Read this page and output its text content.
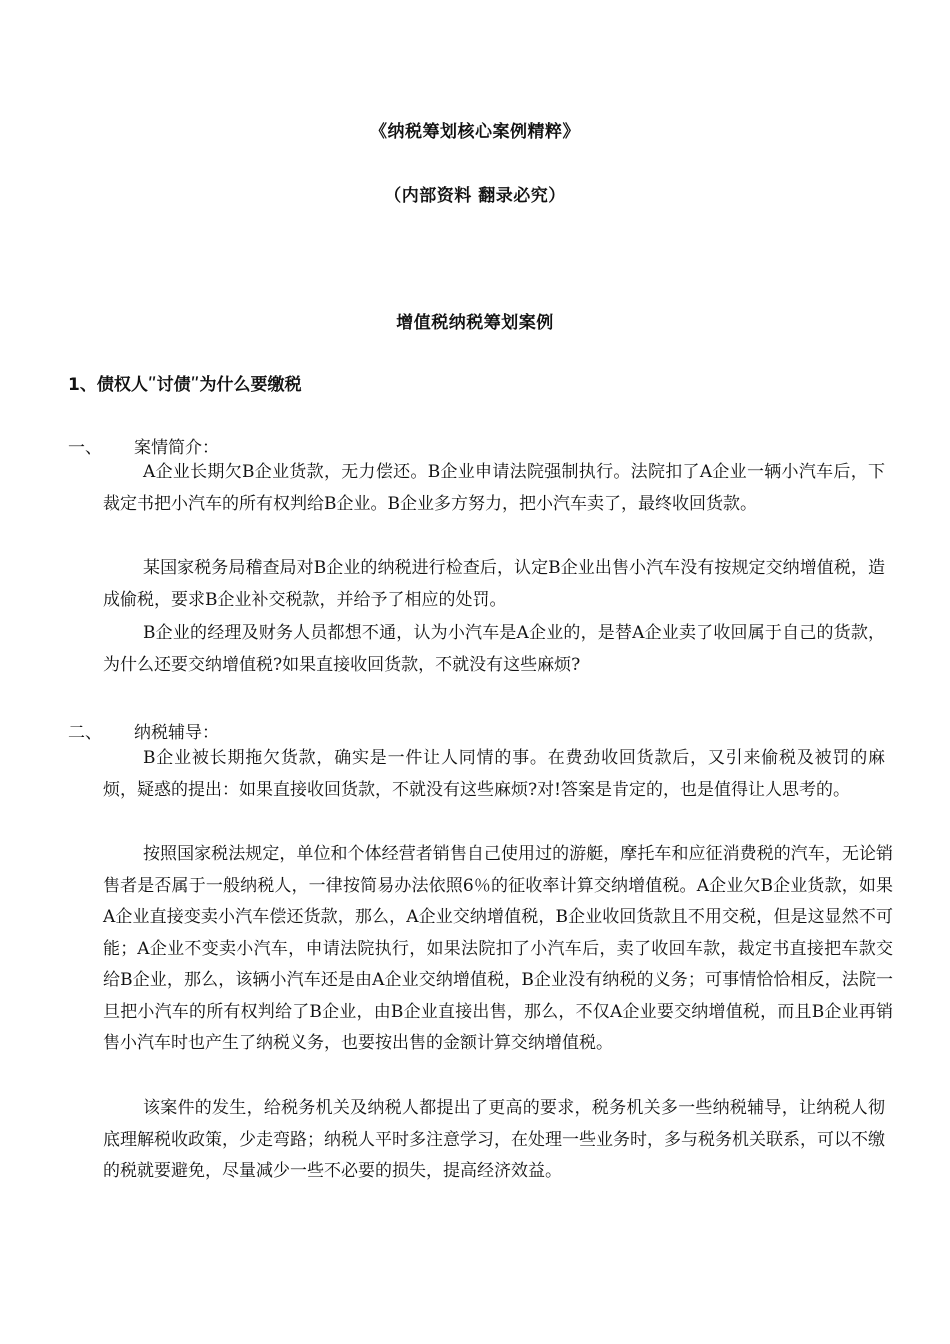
《纳税筹划核心案例精粹》
（内部资料 翻录必究）
增值税纳税筹划案例
1、债权人ʺ讨债ʺ为什么要缴税
一、 案情简介：

A企业长期欠B企业货款，无力偿还。B企业申请法院强制执行。法院扣了A企业一辆小汽车后，下裁定书把小汽车的所有权判给B企业。B企业多方努力，把小汽车卖了，最终收回货款。

某国家税务局稽查局对B企业的纳税进行检查后，认定B企业出售小汽车没有按规定交纳增值税，造成偷税，要求B企业补交税款，并给予了相应的处罚。

B企业的经理及财务人员都想不通，认为小汽车是A企业的，是替A企业卖了收回属于自己的货款，为什么还要交纳增值税?如果直接收回货款，不就没有这些麻烦?

二、 纳税辅导：

B企业被长期拖欠货款，确实是一件让人同情的事。在费劲收回货款后，又引来偷税及被罚的麻烦，疑惑的提出：如果直接收回货款，不就没有这些麻烦?对!答案是肯定的，也是值得让人思考的。

按照国家税法规定，单位和个体经营者销售自己使用过的游艇，摩托车和应征消费税的汽车，无论销售者是否属于一般纳税人，一律按简易办法依照6％的征收率计算交纳增值税。A企业欠B企业货款，如果A企业直接变卖小汽车偿还货款，那么，A企业交纳增值税，B企业收回货款且不用交税，但是这显然不可能；A企业不变卖小汽车，申请法院执行，如果法院扣了小汽车后，卖了收回车款，裁定书直接把车款交给B企业，那么，该辆小汽车还是由A企业交纳增值税，B企业没有纳税的义务；可事情恰恰相反，法院一旦把小汽车的所有权判给了B企业，由B企业直接出售，那么，不仅A企业要交纳增值税，而且B企业再销售小汽车时也产生了纳税义务，也要按出售的金额计算交纳增值税。

该案件的发生，给税务机关及纳税人都提出了更高的要求，税务机关多一些纳税辅导，让纳税人彻底理解税收政策，少走弯路；纳税人平时多注意学习，在处理一些业务时，多与税务机关联系，可以不缴的税就要避免，尽量减少一些不必要的损失，提高经济效益。
